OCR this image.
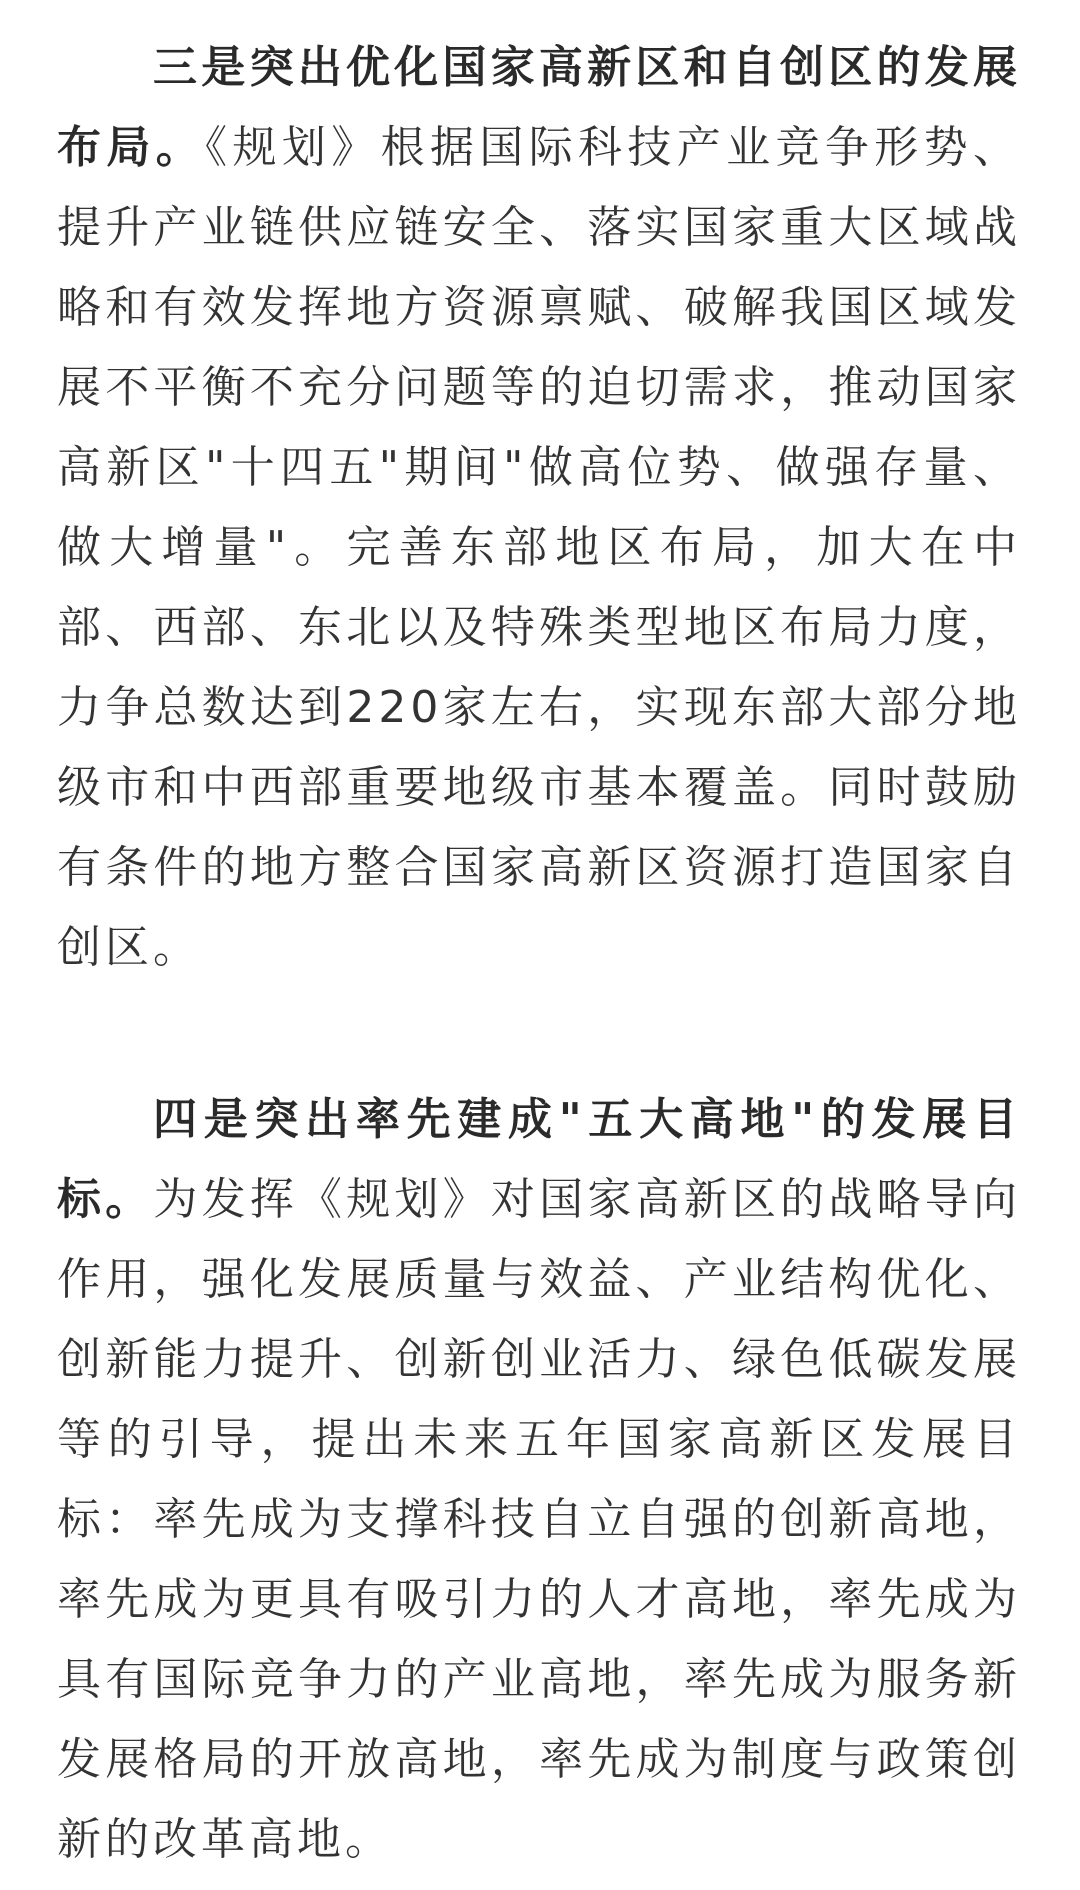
三是突出优化国家高新区和自创区的发展布局。《规划》根据国际科技产业竞争形势、提升产业链供应链安全、落实国家重大区域战略和有效发挥地方资源禀赋、破解我国区域发展不平衡不充分问题等的迫切需求，推动国家高新区"十四五"期间"做高位势、做强存量、做大增量"。完善东部地区布局，加大在中部、西部、东北以及特殊类型地区布局力度，力争总数达到220家左右，实现东部大部分地级市和中西部重要地级市基本覆盖。同时鼓励有条件的地方整合国家高新区资源打造国家自创区。

四是突出率先建成"五大高地"的发展目标。为发挥《规划》对国家高新区的战略导向作用，强化发展质量与效益、产业结构优化、创新能力提升、创新创业活力、绿色低碳发展等的引导，提出未来五年国家高新区发展目标：率先成为支撑科技自立自强的创新高地，率先成为更具有吸引力的人才高地，率先成为具有国际竞争力的产业高地，率先成为服务新发展格局的开放高地，率先成为制度与政策创新的改革高地。
